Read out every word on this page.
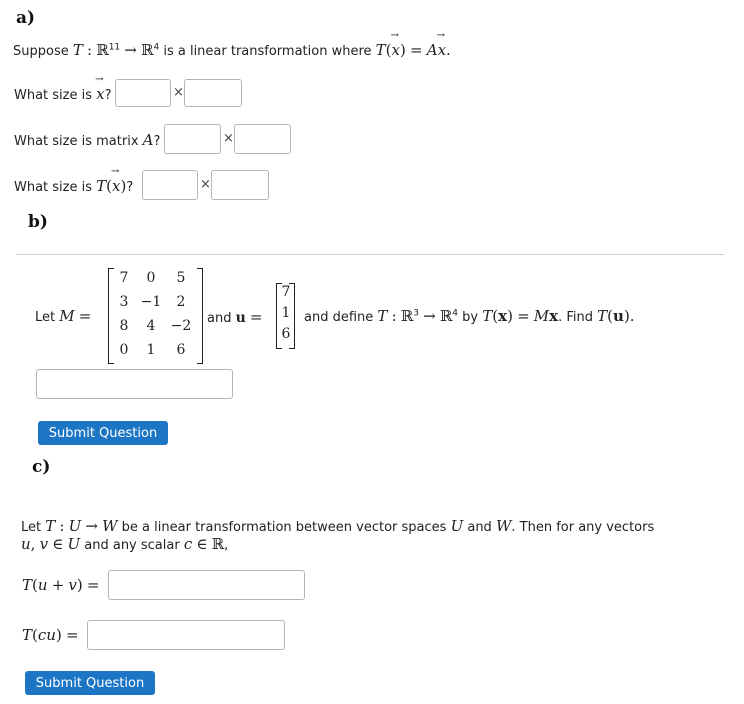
a)
Suppose T : ℝ$^{11}$ → ℝ$^4$ is a linear transformation where T(→ x) = A→ x.
What size is → x?	×
What size is matrix A?	×
What size is T(→ x)?	×
b)
Let M =
7	0	5
3 −1	2
8	4	−2
0	1	6
and u =
7
1
6
and define T : ℝ$^3$ → ℝ$^4$ by T(x) = Mx. Find T(u).
Submit Question
c)
Let T : U → W be a linear transformation between vector spaces U and W. Then for any vectors
u, v ∈ U and any scalar c ∈ ℝ,
T(u + v) =
T(cu) =
Submit Question
